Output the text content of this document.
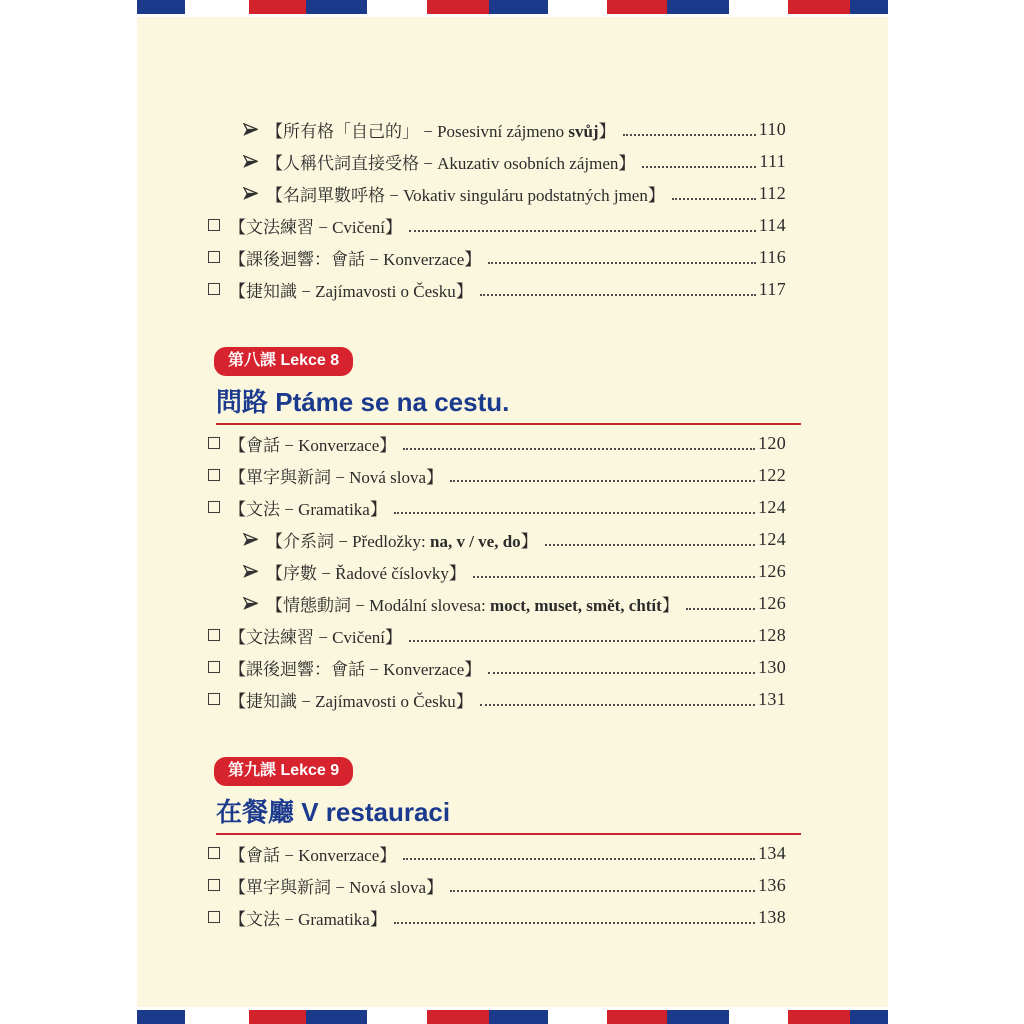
【所有格「自己的」 − Posesivní zájmeno svůj】	110
【人稱代詞直接受格 − Akuzativ osobních zájmen】	111
【名詞單數呼格 − Vokativ singuláru podstatných jmen】	112
【文法練習 − Cvičení】	114
【課後迴響：會話 − Konverzace】	116
【捷知識 − Zajímavosti o Česku】	117
第八課 Lekce 8
問路 Ptáme se na cestu.
【會話 − Konverzace】	120
【單字與新詞 − Nová slova】	122
【文法 − Gramatika】	124
【介系詞 − Předložky: na, v / ve, do】	124
【序數 − Řadové číslovky】	126
【情態動詞 − Modální slovesa: moct, muset, smět, chtít】	126
【文法練習 − Cvičení】	128
【課後迴響：會話 − Konverzace】	130
【捷知識 − Zajímavosti o Česku】	131
第九課 Lekce 9
在餐廳 V restauraci
【會話 − Konverzace】	134
【單字與新詞 − Nová slova】	136
【文法 − Gramatika】	138
